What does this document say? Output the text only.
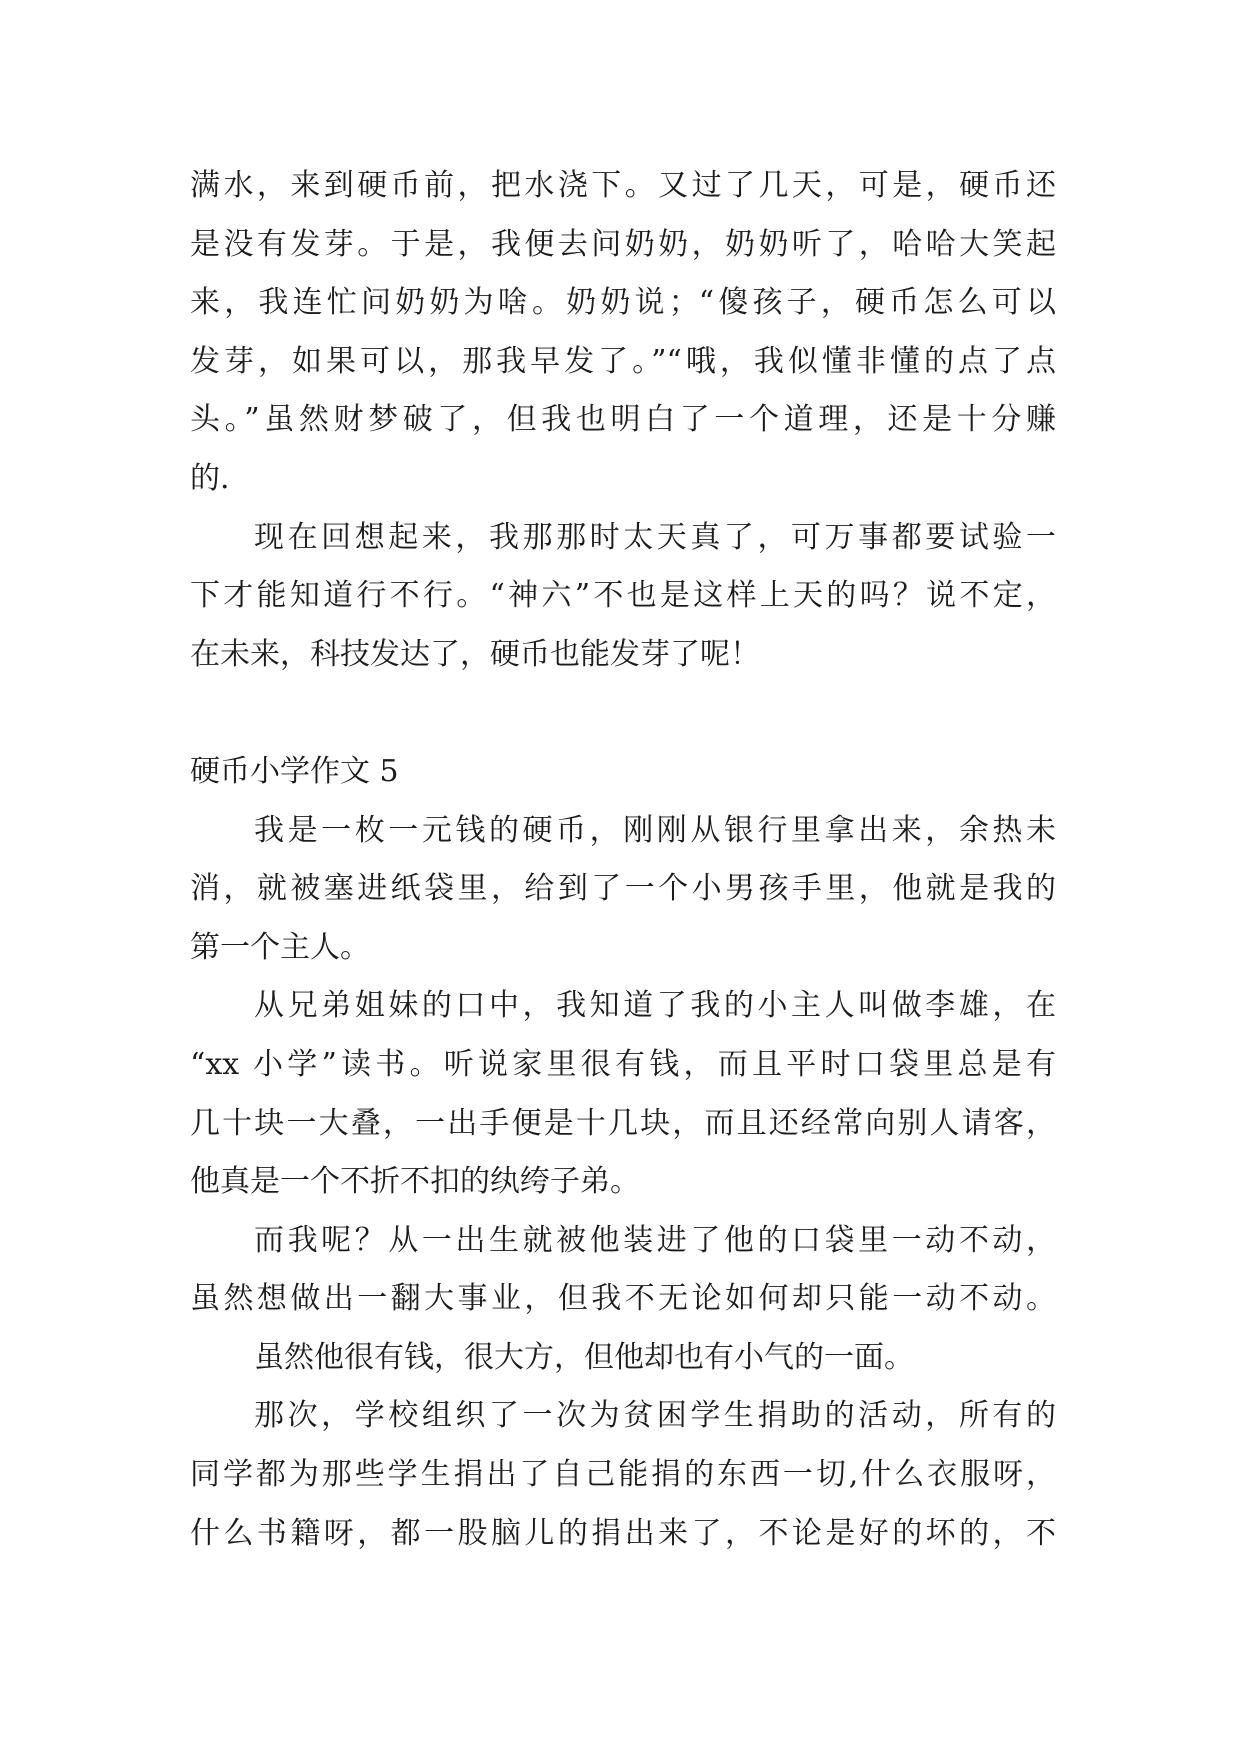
满水，来到硬币前，把水浇下。又过了几天，可是，硬币还
是没有发芽。于是，我便去问奶奶，奶奶听了，哈哈大笑起
来，我连忙问奶奶为啥。奶奶说；“傻孩子，硬币怎么可以
发芽，如果可以，那我早发了。”“哦，我似懂非懂的点了点
头。”虽然财梦破了，但我也明白了一个道理，还是十分赚
的.
现在回想起来，我那那时太天真了，可万事都要试验一
下才能知道行不行。“神六”不也是这样上天的吗？说不定，
在未来，科技发达了，硬币也能发芽了呢！
硬币小学作文 5
我是一枚一元钱的硬币，刚刚从银行里拿出来，余热未
消，就被塞进纸袋里，给到了一个小男孩手里，他就是我的
第一个主人。
从兄弟姐妹的口中，我知道了我的小主人叫做李雄，在
“xx 小学”读书。听说家里很有钱，而且平时口袋里总是有
几十块一大叠，一出手便是十几块，而且还经常向别人请客，
他真是一个不折不扣的纨绔子弟。
而我呢？从一出生就被他装进了他的口袋里一动不动，
虽然想做出一翻大事业，但我不无论如何却只能一动不动。
虽然他很有钱，很大方，但他却也有小气的一面。
那次，学校组织了一次为贫困学生捐助的活动，所有的
同学都为那些学生捐出了自己能捐的东西一切,什么衣服呀，
什么书籍呀，都一股脑儿的捐出来了，不论是好的坏的，不
